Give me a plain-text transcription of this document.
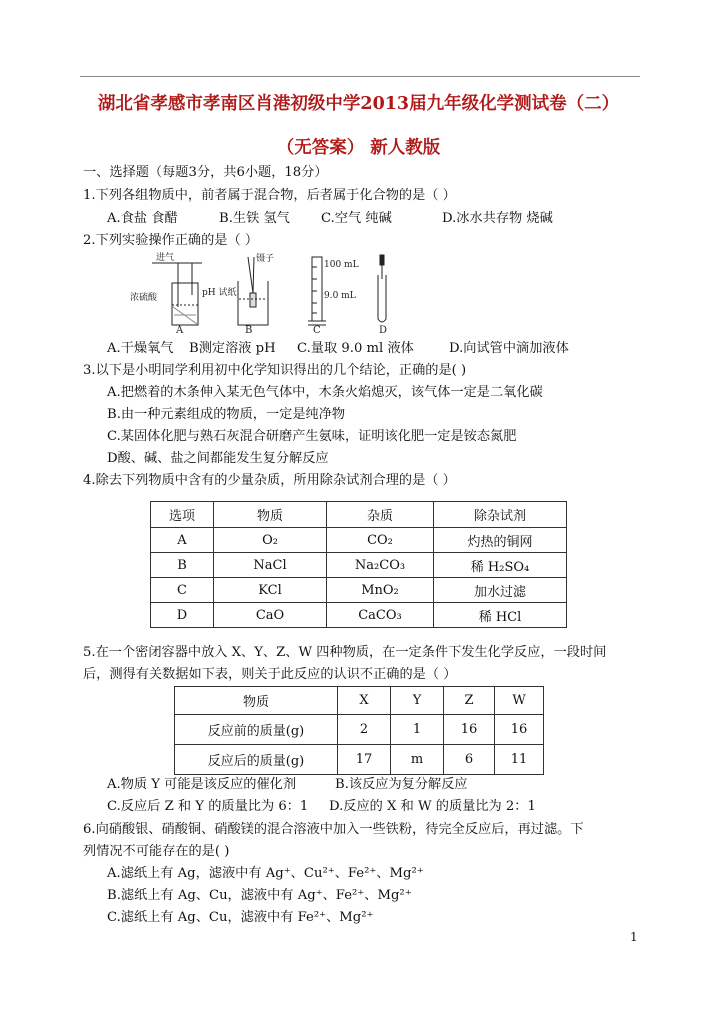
湖北省孝感市孝南区肖港初级中学2013届九年级化学测试卷（二）
（无答案） 新人教版
一、选择题（每题3分，共6小题，18分）
1.下列各组物质中，前者属于混合物，后者属于化合物的是（ ）
A.食盐 食醋	B.生铁 氢气 C.空气 纯碱	D.冰水共存物 烧碱
2.下列实验操作正确的是（ ）
进气
浓硫酸
镊子
pH 试纸
100 mL
9.0 mL
A	B	C	D
A.干燥氧气 B测定溶液 pH C.量取 9.0 ml 液体	D.向试管中滴加液体
3.以下是小明同学利用初中化学知识得出的几个结论，正确的是( )
A.把燃着的木条伸入某无色气体中，木条火焰熄灭，该气体一定是二氧化碳
B.由一种元素组成的物质，一定是纯净物
C.某固体化肥与熟石灰混合研磨产生氨味，证明该化肥一定是铵态氮肥
D酸、碱、盐之间都能发生复分解反应
4.除去下列物质中含有的少量杂质，所用除杂试剂合理的是（ ）
选项	物质	杂质	除杂试剂
A	O₂	CO₂	灼热的铜网
B	NaCl	Na₂CO₃	稀 H₂SO₄
C	KCl	MnO₂	加水过滤
D	CaO	CaCO₃	稀 HCl
5.在一个密闭容器中放入 X、Y、Z、W 四种物质，在一定条件下发生化学反应，一段时间
后，测得有关数据如下表，则关于此反应的认识不正确的是（ ）
物质	X	Y	Z	W
反应前的质量(g)	2	1	16	16
反应后的质量(g)	17	m	6	11
A.物质 Y 可能是该反应的催化剂	B.该反应为复分解反应
C.反应后 Z 和 Y 的质量比为 6：1 D.反应的 X 和 W 的质量比为 2：1
6.向硝酸银、硝酸铜、硝酸镁的混合溶液中加入一些铁粉，待完全反应后，再过滤。下
列情况不可能存在的是( )
A.滤纸上有 Ag，滤液中有 Ag⁺、Cu²⁺、Fe²⁺、Mg²⁺
B.滤纸上有 Ag、Cu，滤液中有 Ag⁺、Fe²⁺、Mg²⁺
C.滤纸上有 Ag、Cu，滤液中有 Fe²⁺、Mg²⁺
1
